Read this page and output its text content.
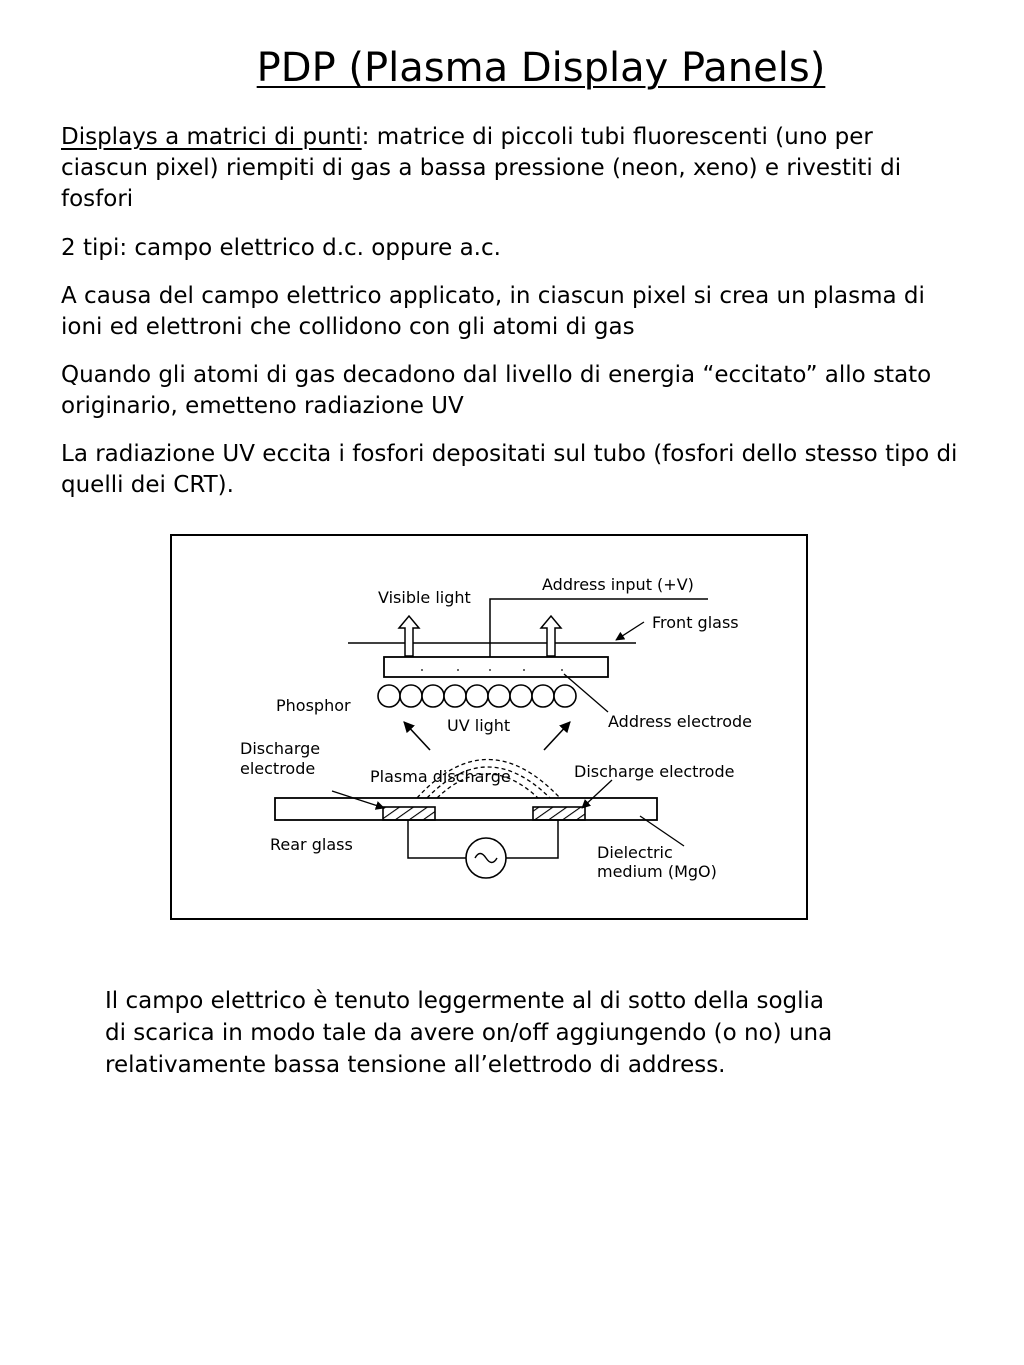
PDP (Plasma Display Panels)

Displays a matrici di punti: matrice di piccoli tubi fluorescenti (uno per ciascun pixel) riempiti di gas a bassa pressione (neon, xeno) e rivestiti di fosfori

2 tipi: campo elettrico d.c. oppure a.c.

A causa del campo elettrico applicato, in ciascun pixel si crea un plasma di ioni ed elettroni che collidono con gli atomi di gas

Quando gli atomi di gas decadono dal livello di energia “eccitato” allo stato originario, emetteno radiazione UV

La radiazione UV eccita i fosfori depositati sul tubo (fosfori dello stesso tipo di quelli dei CRT).

Visible light
Address input (+V)
Front glass
Phosphor
UV light	Address electrode
Discharge
electrode	Plasma discharge	Discharge electrode
Rear glass	Dielectric
medium (MgO)

Il campo elettrico è tenuto leggermente al di sotto della soglia di scarica in modo tale da avere on/off aggiungendo (o no) una relativamente bassa tensione all’elettrodo di address.
